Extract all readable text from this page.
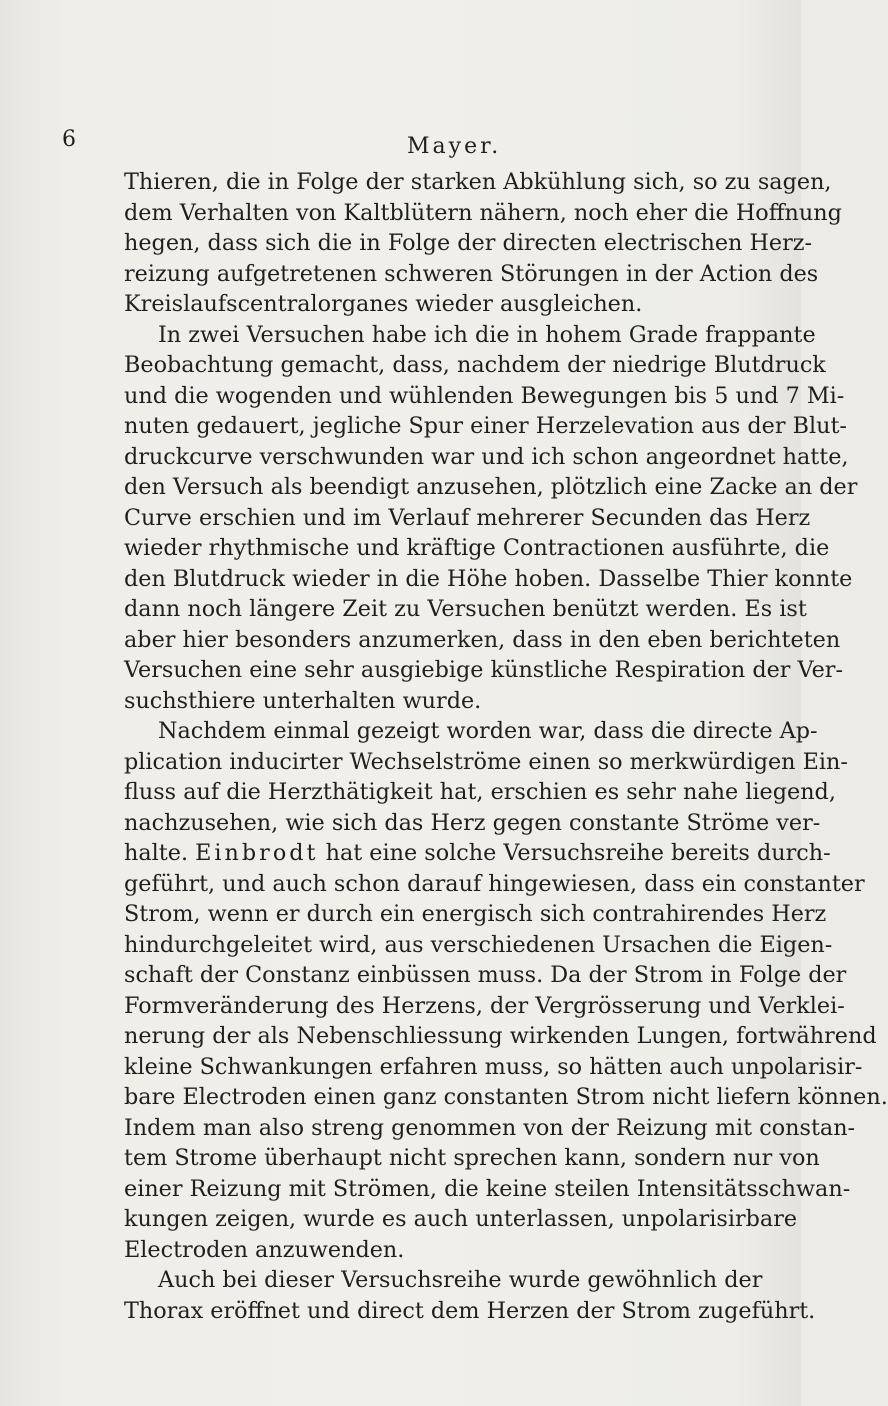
6	Mayer.
Thieren, die in Folge der starken Abkühlung sich, so zu sagen,
dem Verhalten von Kaltblütern nähern, noch eher die Hoffnung
hegen, dass sich die in Folge der directen electrischen Herz-
reizung aufgetretenen schweren Störungen in der Action des
Kreislaufscentralorganes wieder ausgleichen.
In zwei Versuchen habe ich die in hohem Grade frappante
Beobachtung gemacht, dass, nachdem der niedrige Blutdruck
und die wogenden und wühlenden Bewegungen bis 5 und 7 Mi-
nuten gedauert, jegliche Spur einer Herzelevation aus der Blut-
druckcurve verschwunden war und ich schon angeordnet hatte,
den Versuch als beendigt anzusehen, plötzlich eine Zacke an der
Curve erschien und im Verlauf mehrerer Secunden das Herz
wieder rhythmische und kräftige Contractionen ausführte, die
den Blutdruck wieder in die Höhe hoben. Dasselbe Thier konnte
dann noch längere Zeit zu Versuchen benützt werden. Es ist
aber hier besonders anzumerken, dass in den eben berichteten
Versuchen eine sehr ausgiebige künstliche Respiration der Ver-
suchsthiere unterhalten wurde.
Nachdem einmal gezeigt worden war, dass die directe Ap-
plication inducirter Wechselströme einen so merkwürdigen Ein-
fluss auf die Herzthätigkeit hat, erschien es sehr nahe liegend,
nachzusehen, wie sich das Herz gegen constante Ströme ver-
halte. Einbrodt hat eine solche Versuchsreihe bereits durch-
geführt, und auch schon darauf hingewiesen, dass ein constanter
Strom, wenn er durch ein energisch sich contrahirendes Herz
hindurchgeleitet wird, aus verschiedenen Ursachen die Eigen-
schaft der Constanz einbüssen muss. Da der Strom in Folge der
Formveränderung des Herzens, der Vergrösserung und Verklei-
nerung der als Nebenschliessung wirkenden Lungen, fortwährend
kleine Schwankungen erfahren muss, so hätten auch unpolarisir-
bare Electroden einen ganz constanten Strom nicht liefern können.
Indem man also streng genommen von der Reizung mit constan-
tem Strome überhaupt nicht sprechen kann, sondern nur von
einer Reizung mit Strömen, die keine steilen Intensitätsschwan-
kungen zeigen, wurde es auch unterlassen, unpolarisirbare
Electroden anzuwenden.
Auch bei dieser Versuchsreihe wurde gewöhnlich der
Thorax eröffnet und direct dem Herzen der Strom zugeführt.
